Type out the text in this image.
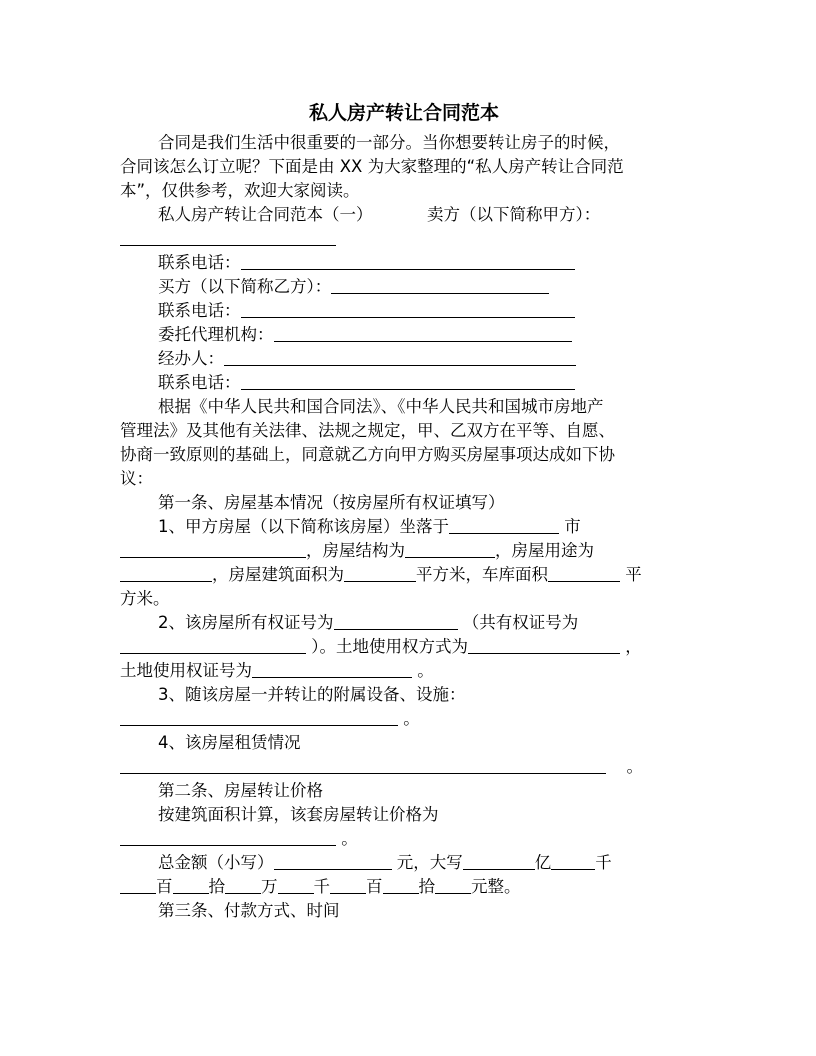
私人房产转让合同范本

合同是我们生活中很重要的一部分。当你想要转让房子的时候，

合同该怎么订立呢？下面是由 XX 为大家整理的“私人房产转让合同范

本”，仅供参考，欢迎大家阅读。

私人房产转让合同范本（一）	卖方（以下简称甲方）：

联系电话：

买方（以下简称乙方）：

联系电话：

委托代理机构：

经办人：

联系电话：

根据《中华人民共和国合同法》、《中华人民共和国城市房地产

管理法》及其他有关法律、法规之规定，甲、乙双方在平等、自愿、

协商一致原则的基础上，同意就乙方向甲方购买房屋事项达成如下协

议：

第一条、房屋基本情况（按房屋所有权证填写）

1、甲方房屋（以下简称该房屋）坐落于	市

，房屋结构为	，房屋用途为

，房屋建筑面积为	平方米，车库面积	平

方米。

2、该房屋所有权证号为	（共有权证号为

）。土地使用权方式为	，

土地使用权证号为	。

3、随该房屋一并转让的附属设备、设施：

。

4、该房屋租赁情况

。

第二条、房屋转让价格

按建筑面积计算，该套房屋转让价格为

。

总金额（小写）	元，大写	亿	千

百 拾 万 千 百 拾 元整。

第三条、付款方式、时间
